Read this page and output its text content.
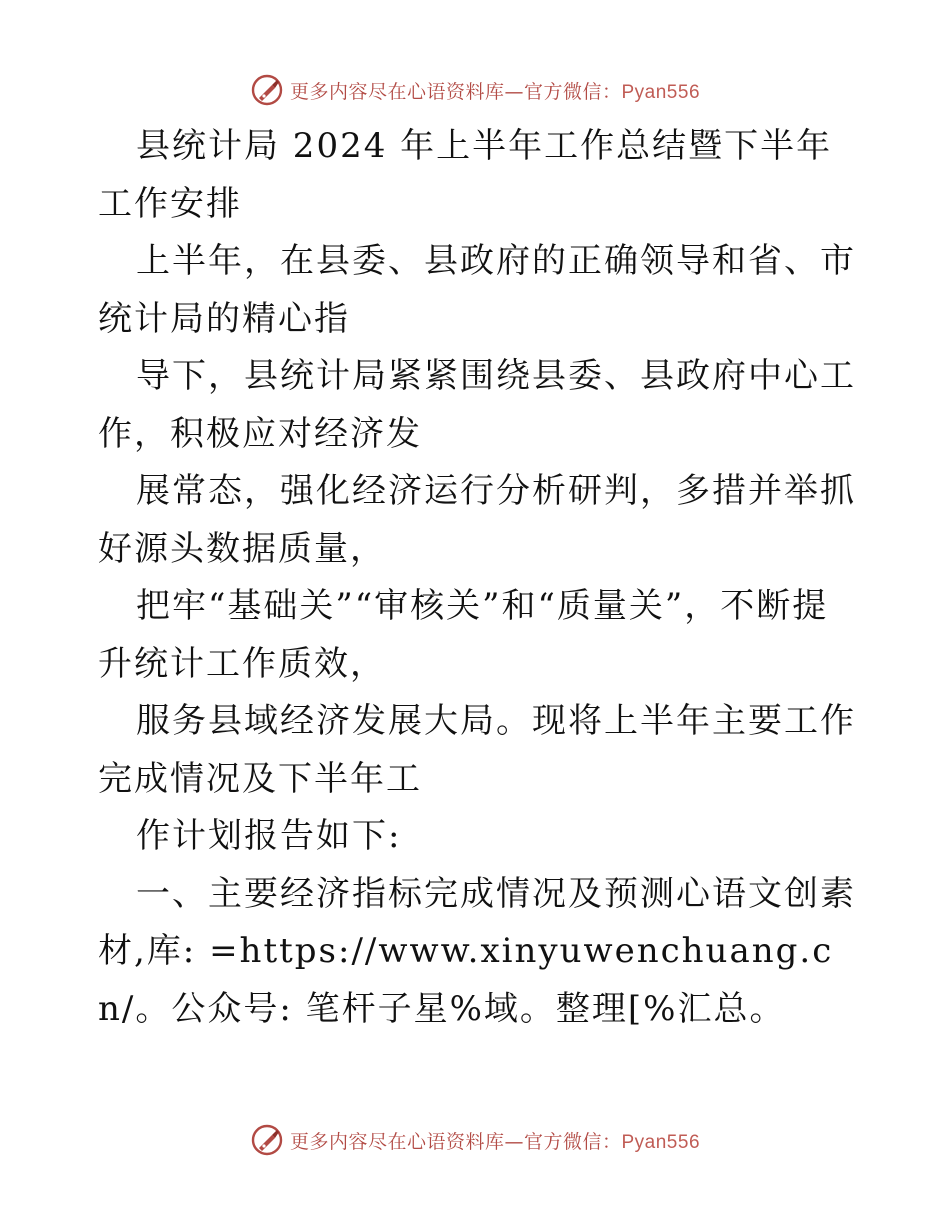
更多内容尽在心语资料库—官方微信：Pyan556

县统计局 2024 年上半年工作总结暨下半年工作安排

上半年，在县委、县政府的正确领导和省、市统计局的精心指

导下，县统计局紧紧围绕县委、县政府中心工作，积极应对经济发

展常态，强化经济运行分析研判，多措并举抓好源头数据质量，

把牢“基础关”“审核关”和“质量关”，不断提升统计工作质效，

服务县域经济发展大局。现将上半年主要工作完成情况及下半年工

作计划报告如下:

一、主要经济指标完成情况及预测心语文创素材,库: =https://www.xinyuwenchuang.cn/。公众号: 笔杆子星%域。整理[%汇总。

更多内容尽在心语资料库—官方微信：Pyan556
